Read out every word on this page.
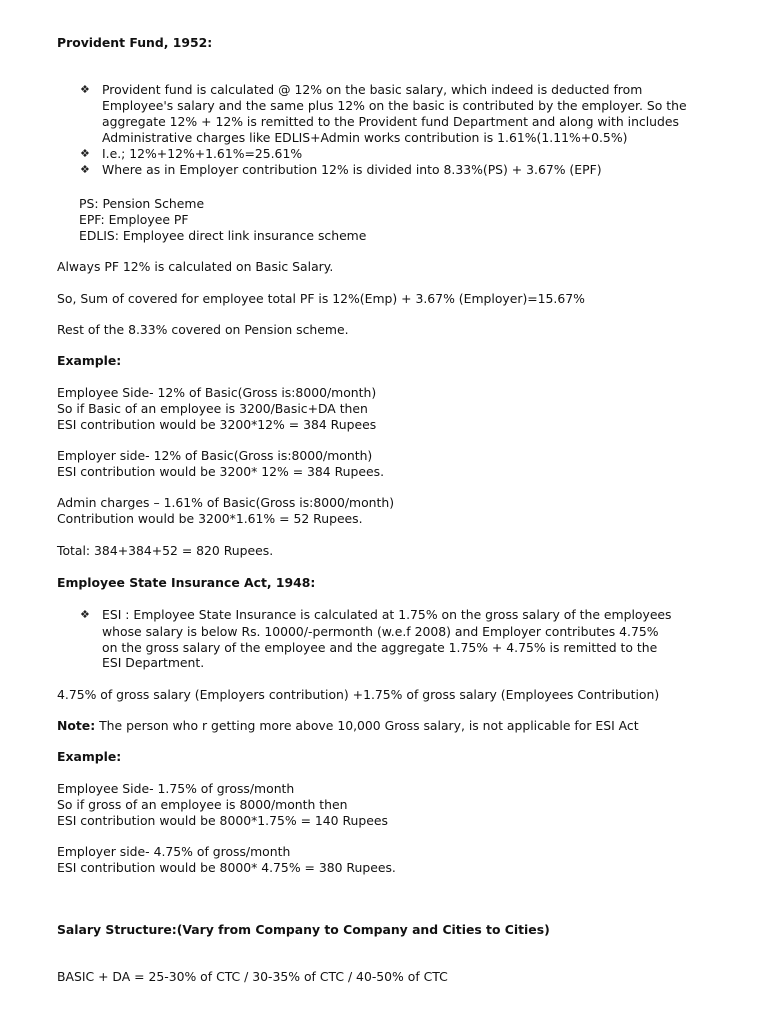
Provident Fund, 1952:
❖ Provident fund is calculated @ 12% on the basic salary, which indeed is deducted from
Employee's salary and the same plus 12% on the basic is contributed by the employer. So the
aggregate 12% + 12% is remitted to the Provident fund Department and along with includes
Administrative charges like EDLIS+Admin works contribution is 1.61%(1.11%+0.5%)
❖ I.e.; 12%+12%+1.61%=25.61%
❖ Where as in Employer contribution 12% is divided into 8.33%(PS) + 3.67% (EPF)
PS: Pension Scheme
EPF: Employee PF
EDLIS: Employee direct link insurance scheme
Always PF 12% is calculated on Basic Salary.
So, Sum of covered for employee total PF is 12%(Emp) + 3.67% (Employer)=15.67%
Rest of the 8.33% covered on Pension scheme.
Example:
Employee Side- 12% of Basic(Gross is:8000/month)
So if Basic of an employee is 3200/Basic+DA then
ESI contribution would be 3200*12% = 384 Rupees
Employer side- 12% of Basic(Gross is:8000/month)
ESI contribution would be 3200* 12% = 384 Rupees.
Admin charges – 1.61% of Basic(Gross is:8000/month)
Contribution would be 3200*1.61% = 52 Rupees.
Total: 384+384+52 = 820 Rupees.
Employee State Insurance Act, 1948:
❖ ESI : Employee State Insurance is calculated at 1.75% on the gross salary of the employees
whose salary is below Rs. 10000/-permonth (w.e.f 2008) and Employer contributes 4.75%
on the gross salary of the employee and the aggregate 1.75% + 4.75% is remitted to the
ESI Department.
4.75% of gross salary (Employers contribution) +1.75% of gross salary (Employees Contribution)
Note: The person who r getting more above 10,000 Gross salary, is not applicable for ESI Act
Example:
Employee Side- 1.75% of gross/month
So if gross of an employee is 8000/month then
ESI contribution would be 8000*1.75% = 140 Rupees
Employer side- 4.75% of gross/month
ESI contribution would be 8000* 4.75% = 380 Rupees.
Salary Structure:(Vary from Company to Company and Cities to Cities)
BASIC + DA = 25-30% of CTC / 30-35% of CTC / 40-50% of CTC
